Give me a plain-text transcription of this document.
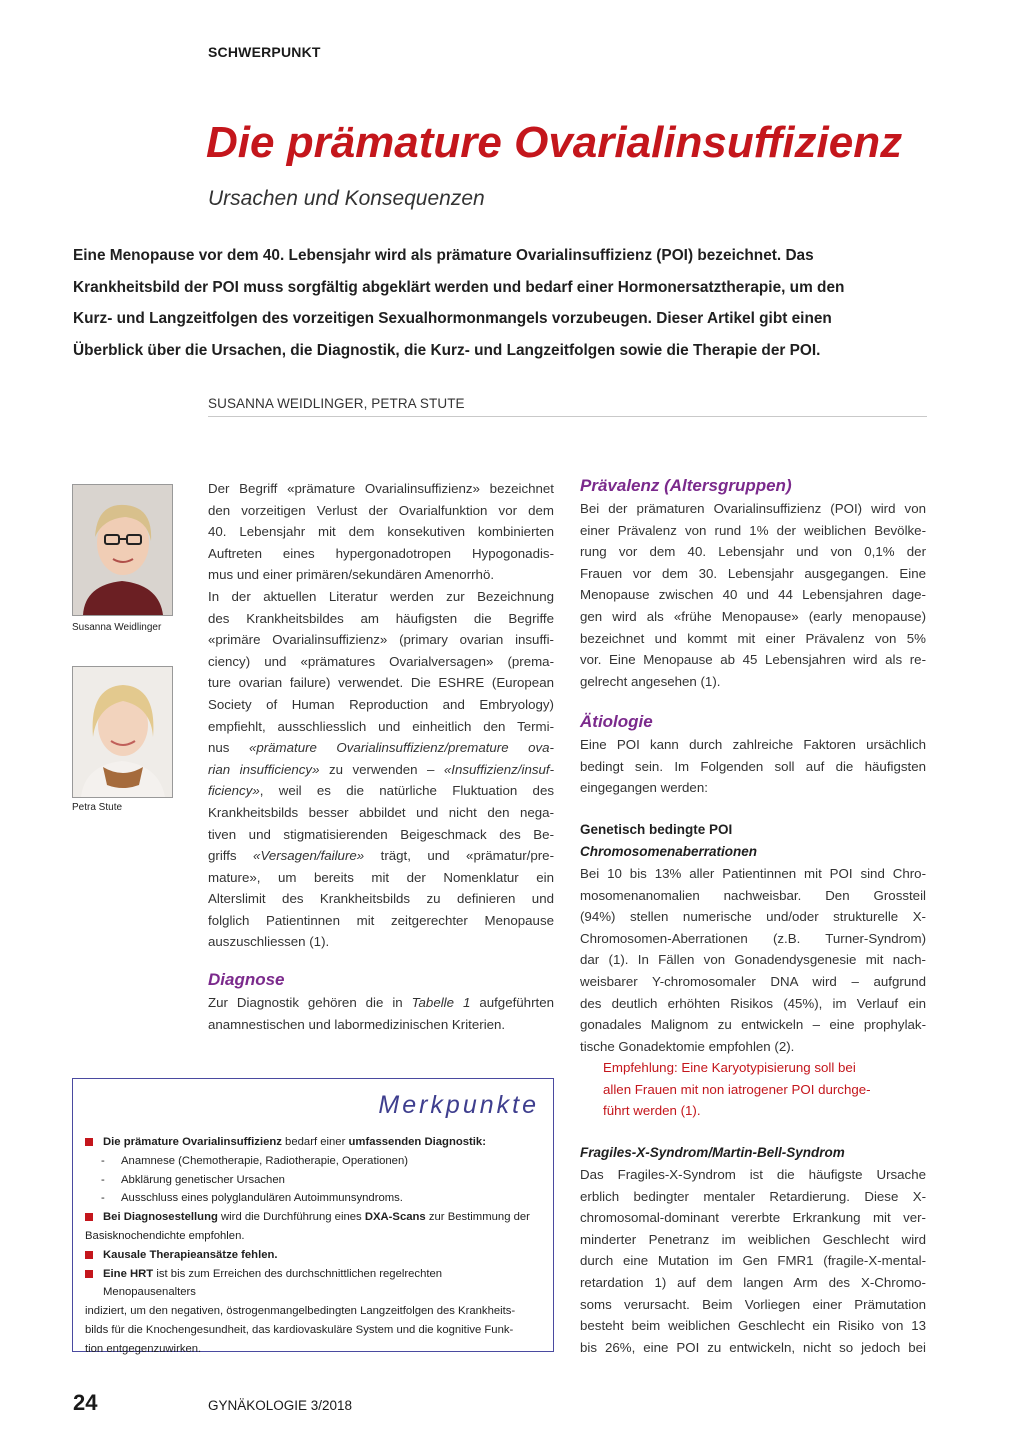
SCHWERPUNKT
Die prämature Ovarialinsuffizienz
Ursachen und Konsequenzen

Eine Menopause vor dem 40. Lebensjahr wird als prämature Ovarialinsuffizienz (POI) bezeichnet. Das

Krankheitsbild der POI muss sorgfältig abgeklärt werden und bedarf einer Hormonersatztherapie, um den

Kurz- und Langzeitfolgen des vorzeitigen Sexualhormonmangels vorzubeugen. Dieser Artikel gibt einen

Überblick über die Ursachen, die Diagnostik, die Kurz- und Langzeitfolgen sowie die Therapie der POI.

SUSANNA WEIDLINGER, PETRA STUTE
Susanna Weidlinger
Petra Stute
Der Begriff «prämature Ovarialinsuffizienz» bezeichnet
den vorzeitigen Verlust der Ovarialfunktion vor dem
40. Lebensjahr mit dem konsekutiven kombinierten
Auftreten eines hypergonadotropen Hypogonadis-
mus und einer primären/sekundären Amenorrhö.
In der aktuellen Literatur werden zur Bezeichnung
des Krankheitsbildes am häufigsten die Begriffe
«primäre Ovarialinsuffizienz» (primary ovarian insuffi-
ciency) und «prämatures Ovarialversagen» (prema-
ture ovarian failure) verwendet. Die ESHRE (European
Society of Human Reproduction and Embryology)
empfiehlt, ausschliesslich und einheitlich den Termi-
nus «prämature Ovarialinsuffizienz/premature ova-
rian insufficiency» zu verwenden – «Insuffizienz/insuf-
ficiency», weil es die natürliche Fluktuation des
Krankheitsbilds besser abbildet und nicht den nega-
tiven und stigmatisierenden Beigeschmack des Be-
griffs «Versagen/failure» trägt, und «prämatur/pre-
mature», um bereits mit der Nomenklatur ein
Alterslimit des Krankheitsbilds zu definieren und
folglich Patientinnen mit zeitgerechter Menopause
auszuschliessen (1).
Diagnose
Zur Diagnostik gehören die in Tabelle 1 aufgeführten
anamnestischen und labormedizinischen Kriterien.
Merkpunkte
Die prämature Ovarialinsuffizienz bedarf einer umfassenden Diagnostik:
- Anamnese (Chemotherapie, Radiotherapie, Operationen)
- Abklärung genetischer Ursachen
- Ausschluss eines polyglandulären Autoimmunsyndroms.
Bei Diagnosestellung wird die Durchführung eines DXA-Scans zur Bestimmung der
Basisknochendichte empfohlen.
Kausale Therapieansätze fehlen.
Eine HRT ist bis zum Erreichen des durchschnittlichen regelrechten Menopausenalters
indiziert, um den negativen, östrogenmangelbedingten Langzeitfolgen des Krankheits-
bilds für die Knochengesundheit, das kardiovaskuläre System und die kognitive Funk-
tion entgegenzuwirken.
Prävalenz (Altersgruppen)
Bei der prämaturen Ovarialinsuffizienz (POI) wird von
einer Prävalenz von rund 1% der weiblichen Bevölke-
rung vor dem 40. Lebensjahr und von 0,1% der
Frauen vor dem 30. Lebensjahr ausgegangen. Eine
Menopause zwischen 40 und 44 Lebensjahren dage-
gen wird als «frühe Menopause» (early menopause)
bezeichnet und kommt mit einer Prävalenz von 5%
vor. Eine Menopause ab 45 Lebensjahren wird als re-
gelrecht angesehen (1).
Ätiologie
Eine POI kann durch zahlreiche Faktoren ursächlich
bedingt sein. Im Folgenden soll auf die häufigsten
eingegangen werden:
Genetisch bedingte POI
Chromosomenaberrationen
Bei 10 bis 13% aller Patientinnen mit POI sind Chro-
mosomenanomalien nachweisbar. Den Grossteil
(94%) stellen numerische und/oder strukturelle X-
Chromosomen-Aberrationen (z.B. Turner-Syndrom)
dar (1). In Fällen von Gonadendysgenesie mit nach-
weisbarer Y-chromosomaler DNA wird – aufgrund
des deutlich erhöhten Risikos (45%), im Verlauf ein
gonadales Malignom zu entwickeln – eine prophylak-
tische Gonadektomie empfohlen (2).
Empfehlung: Eine Karyotypisierung soll bei
allen Frauen mit non iatrogener POI durchge-
führt werden (1).
Fragiles-X-Syndrom/Martin-Bell-Syndrom
Das Fragiles-X-Syndrom ist die häufigste Ursache
erblich bedingter mentaler Retardierung. Diese X-
chromosomal-dominant vererbte Erkrankung mit ver-
minderter Penetranz im weiblichen Geschlecht wird
durch eine Mutation im Gen FMR1 (fragile-X-mental-
retardation 1) auf dem langen Arm des X-Chromo-
soms verursacht. Beim Vorliegen einer Prämutation
besteht beim weiblichen Geschlecht ein Risiko von 13
bis 26%, eine POI zu entwickeln, nicht so jedoch bei
24	GYNÄKOLOGIE 3/2018
